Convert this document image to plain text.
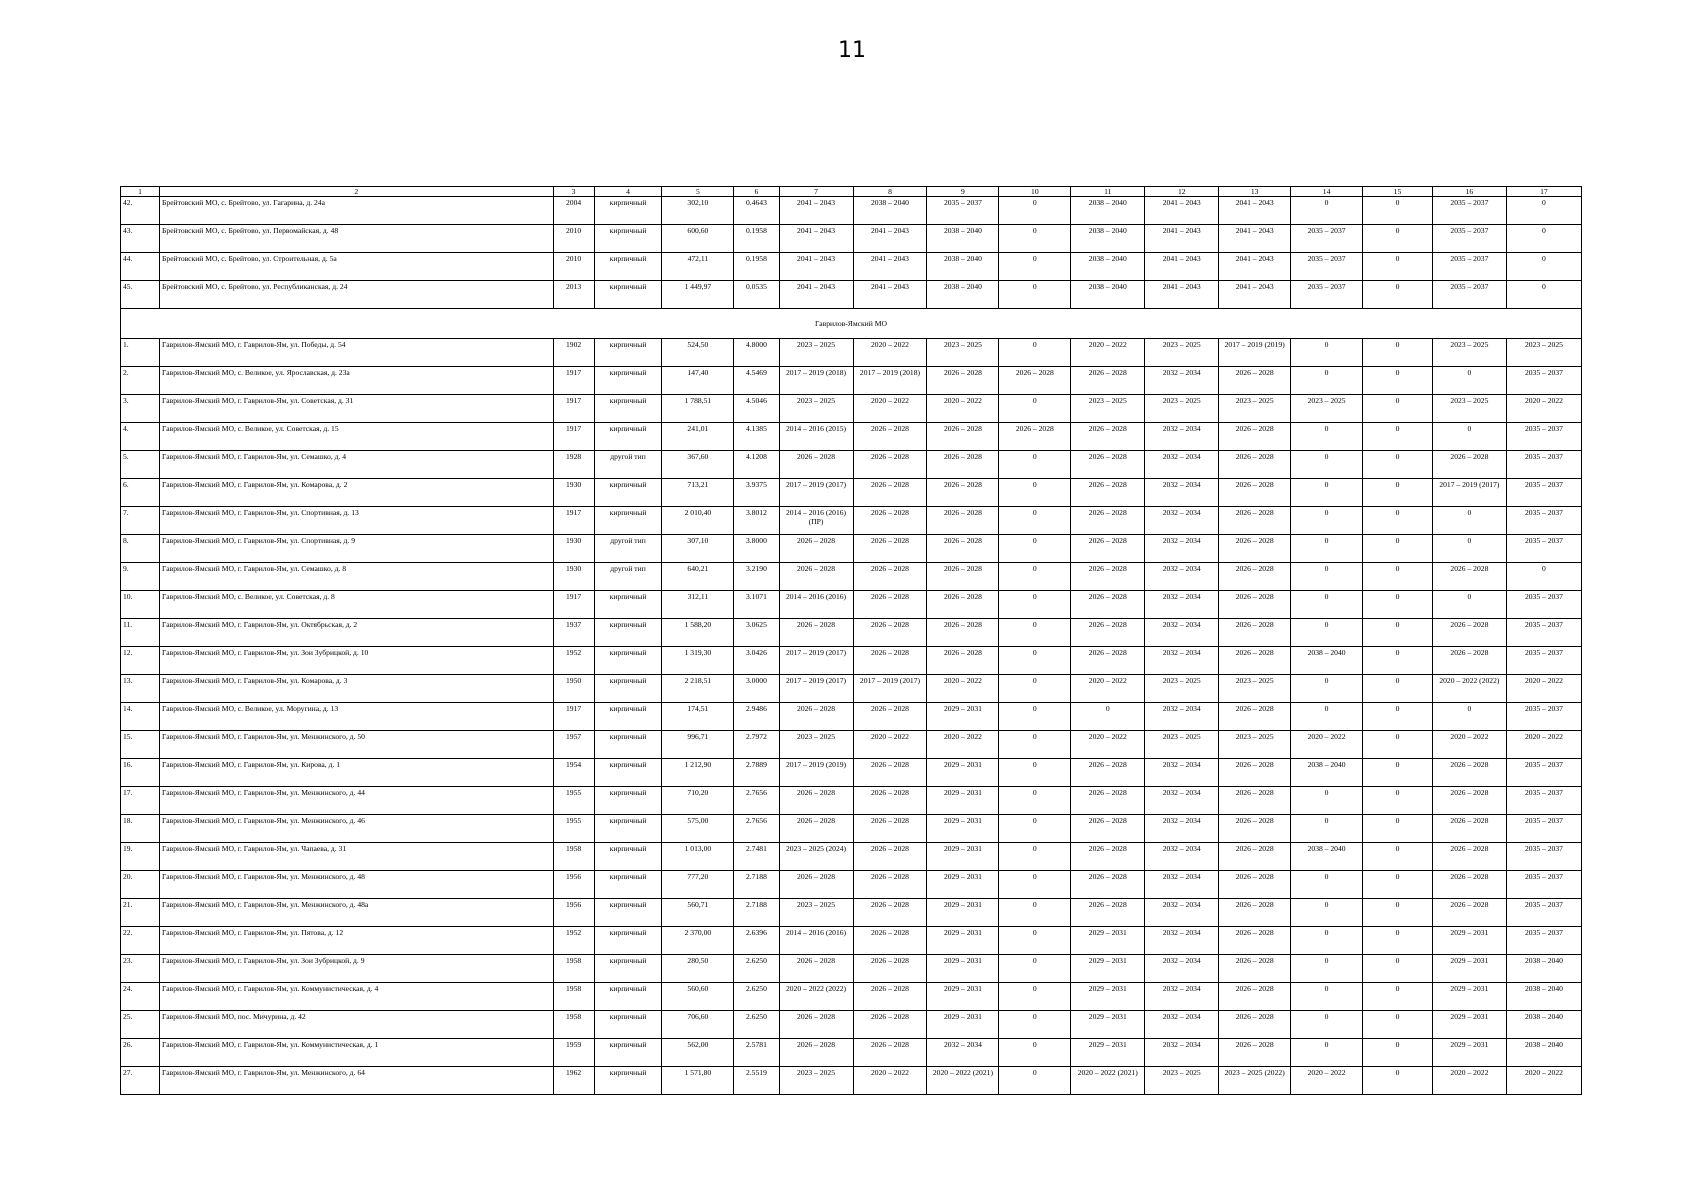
11
1	2	3	4	5	6	7	8	9	10	11	12	13	14	15	16	17
42.	Брейтовский МО, с. Брейтово, ул. Гагарина, д. 24а	2004	кирпичный	302,10	0.4643	2041 – 2043	2038 – 2040	2035 – 2037	0	2038 – 2040	2041 – 2043	2041 – 2043	0	0	2035 – 2037	0
43.	Брейтовский МО, с. Брейтово, ул. Первомайская, д. 48	2010	кирпичный	600,60	0.1958	2041 – 2043	2041 – 2043	2038 – 2040	0	2038 – 2040	2041 – 2043	2041 – 2043	2035 – 2037	0	2035 – 2037	0
44.	Брейтовский МО, с. Брейтово, ул. Строительная, д. 5а	2010	кирпичный	472,11	0.1958	2041 – 2043	2041 – 2043	2038 – 2040	0	2038 – 2040	2041 – 2043	2041 – 2043	2035 – 2037	0	2035 – 2037	0
45.	Брейтовский МО, с. Брейтово, ул. Республиканская, д. 24	2013	кирпичный	1 449,97	0.0535	2041 – 2043	2041 – 2043	2038 – 2040	0	2038 – 2040	2041 – 2043	2041 – 2043	2035 – 2037	0	2035 – 2037	0
Гаврилов-Ямский МО																
1.	Гаврилов-Ямский МО, г. Гаврилов-Ям, ул. Победы, д. 54	1902	кирпичный	524,50	4.8000	2023 – 2025	2020 – 2022	2023 – 2025	0	2020 – 2022	2023 – 2025	2017 – 2019 (2019)	0	0	2023 – 2025	2023 – 2025
2.	Гаврилов-Ямский МО, с. Великое, ул. Ярославская, д. 23а	1917	кирпичный	147,40	4.5469	2017 – 2019 (2018)	2017 – 2019 (2018)	2026 – 2028	2026 – 2028	2026 – 2028	2032 – 2034	2026 – 2028	0	0	0	2035 – 2037
3.	Гаврилов-Ямский МО, г. Гаврилов-Ям, ул. Советская, д. 31	1917	кирпичный	1 788,51	4.5046	2023 – 2025	2020 – 2022	2020 – 2022	0	2023 – 2025	2023 – 2025	2023 – 2025	2023 – 2025	0	2023 – 2025	2020 – 2022
4.	Гаврилов-Ямский МО, с. Великое, ул. Советская, д. 15	1917	кирпичный	241,01	4.1385	2014 – 2016 (2015)	2026 – 2028	2026 – 2028	2026 – 2028	2026 – 2028	2032 – 2034	2026 – 2028	0	0	0	2035 – 2037
5.	Гаврилов-Ямский МО, г. Гаврилов-Ям, ул. Семашко, д. 4	1928	другой тип	367,60	4.1208	2026 – 2028	2026 – 2028	2026 – 2028	0	2026 – 2028	2032 – 2034	2026 – 2028	0	0	2026 – 2028	2035 – 2037
6.	Гаврилов-Ямский МО, г. Гаврилов-Ям, ул. Комарова, д. 2	1930	кирпичный	713,21	3.9375	2017 – 2019 (2017)	2026 – 2028	2026 – 2028	0	2026 – 2028	2032 – 2034	2026 – 2028	0	0	2017 – 2019 (2017)	2035 – 2037
7.	Гаврилов-Ямский МО, г. Гаврилов-Ям, ул. Спортивная, д. 13	1917	кирпичный	2 010,40	3.8012	2014 – 2016 (2016) (ПР)	2026 – 2028	2026 – 2028	0	2026 – 2028	2032 – 2034	2026 – 2028	0	0	0	2035 – 2037
8.	Гаврилов-Ямский МО, г. Гаврилов-Ям, ул. Спортивная, д. 9	1930	другой тип	307,10	3.8000	2026 – 2028	2026 – 2028	2026 – 2028	0	2026 – 2028	2032 – 2034	2026 – 2028	0	0	0	2035 – 2037
9.	Гаврилов-Ямский МО, г. Гаврилов-Ям, ул. Семашко, д. 8	1930	другой тип	640,21	3.2190	2026 – 2028	2026 – 2028	2026 – 2028	0	2026 – 2028	2032 – 2034	2026 – 2028	0	0	2026 – 2028	0
10.	Гаврилов-Ямский МО, с. Великое, ул. Советская, д. 8	1917	кирпичный	312,11	3.1071	2014 – 2016 (2016)	2026 – 2028	2026 – 2028	0	2026 – 2028	2032 – 2034	2026 – 2028	0	0	0	2035 – 2037
11.	Гаврилов-Ямский МО, г. Гаврилов-Ям, ул. Октябрьская, д. 2	1937	кирпичный	1 588,20	3.0625	2026 – 2028	2026 – 2028	2026 – 2028	0	2026 – 2028	2032 – 2034	2026 – 2028	0	0	2026 – 2028	2035 – 2037
12.	Гаврилов-Ямский МО, г. Гаврилов-Ям, ул. Зои Зубрицкой, д. 10	1952	кирпичный	1 319,30	3.0426	2017 – 2019 (2017)	2026 – 2028	2026 – 2028	0	2026 – 2028	2032 – 2034	2026 – 2028	2038 – 2040	0	2026 – 2028	2035 – 2037
13.	Гаврилов-Ямский МО, г. Гаврилов-Ям, ул. Комарова, д. 3	1950	кирпичный	2 218,51	3.0000	2017 – 2019 (2017)	2017 – 2019 (2017)	2020 – 2022	0	2020 – 2022	2023 – 2025	2023 – 2025	0	0	2020 – 2022 (2022)	2020 – 2022
14.	Гаврилов-Ямский МО, с. Великое, ул. Моругина, д. 13	1917	кирпичный	174,51	2.9486	2026 – 2028	2026 – 2028	2029 – 2031	0	0	2032 – 2034	2026 – 2028	0	0	0	2035 – 2037
15.	Гаврилов-Ямский МО, г. Гаврилов-Ям, ул. Менжинского, д. 50	1957	кирпичный	996,71	2.7972	2023 – 2025	2020 – 2022	2020 – 2022	0	2020 – 2022	2023 – 2025	2023 – 2025	2020 – 2022	0	2020 – 2022	2020 – 2022
16.	Гаврилов-Ямский МО, г. Гаврилов-Ям, ул. Кирова, д. 1	1954	кирпичный	1 212,90	2.7889	2017 – 2019 (2019)	2026 – 2028	2029 – 2031	0	2026 – 2028	2032 – 2034	2026 – 2028	2038 – 2040	0	2026 – 2028	2035 – 2037
17.	Гаврилов-Ямский МО, г. Гаврилов-Ям, ул. Менжинского, д. 44	1955	кирпичный	710,20	2.7656	2026 – 2028	2026 – 2028	2029 – 2031	0	2026 – 2028	2032 – 2034	2026 – 2028	0	0	2026 – 2028	2035 – 2037
18.	Гаврилов-Ямский МО, г. Гаврилов-Ям, ул. Менжинского, д. 46	1955	кирпичный	575,00	2.7656	2026 – 2028	2026 – 2028	2029 – 2031	0	2026 – 2028	2032 – 2034	2026 – 2028	0	0	2026 – 2028	2035 – 2037
19.	Гаврилов-Ямский МО, г. Гаврилов-Ям, ул. Чапаева, д. 31	1958	кирпичный	1 013,00	2.7481	2023 – 2025 (2024)	2026 – 2028	2029 – 2031	0	2026 – 2028	2032 – 2034	2026 – 2028	2038 – 2040	0	2026 – 2028	2035 – 2037
20.	Гаврилов-Ямский МО, г. Гаврилов-Ям, ул. Менжинского, д. 48	1956	кирпичный	777,20	2.7188	2026 – 2028	2026 – 2028	2029 – 2031	0	2026 – 2028	2032 – 2034	2026 – 2028	0	0	2026 – 2028	2035 – 2037
21.	Гаврилов-Ямский МО, г. Гаврилов-Ям, ул. Менжинского, д. 48а	1956	кирпичный	560,71	2.7188	2023 – 2025	2026 – 2028	2029 – 2031	0	2026 – 2028	2032 – 2034	2026 – 2028	0	0	2026 – 2028	2035 – 2037
22.	Гаврилов-Ямский МО, г. Гаврилов-Ям, ул. Пятова, д. 12	1952	кирпичный	2 370,00	2.6396	2014 – 2016 (2016)	2026 – 2028	2029 – 2031	0	2029 – 2031	2032 – 2034	2026 – 2028	0	0	2029 – 2031	2035 – 2037
23.	Гаврилов-Ямский МО, г. Гаврилов-Ям, ул. Зои Зубрицкой, д. 9	1958	кирпичный	280,50	2.6250	2026 – 2028	2026 – 2028	2029 – 2031	0	2029 – 2031	2032 – 2034	2026 – 2028	0	0	2029 – 2031	2038 – 2040
24.	Гаврилов-Ямский МО, г. Гаврилов-Ям, ул. Коммунистическая, д. 4	1958	кирпичный	560,60	2.6250	2020 – 2022 (2022)	2026 – 2028	2029 – 2031	0	2029 – 2031	2032 – 2034	2026 – 2028	0	0	2029 – 2031	2038 – 2040
25.	Гаврилов-Ямский МО, пос. Мичурина, д. 42	1958	кирпичный	706,60	2.6250	2026 – 2028	2026 – 2028	2029 – 2031	0	2029 – 2031	2032 – 2034	2026 – 2028	0	0	2029 – 2031	2038 – 2040
26.	Гаврилов-Ямский МО, г. Гаврилов-Ям, ул. Коммунистическая, д. 1	1959	кирпичный	562,00	2.5781	2026 – 2028	2026 – 2028	2032 – 2034	0	2029 – 2031	2032 – 2034	2026 – 2028	0	0	2029 – 2031	2038 – 2040
27.	Гаврилов-Ямский МО, г. Гаврилов-Ям, ул. Менжинского, д. 64	1962	кирпичный	1 571,80	2.5519	2023 – 2025	2020 – 2022	2020 – 2022 (2021)	0	2020 – 2022 (2021)	2023 – 2025	2023 – 2025 (2022)	2020 – 2022	0	2020 – 2022	2020 – 2022
